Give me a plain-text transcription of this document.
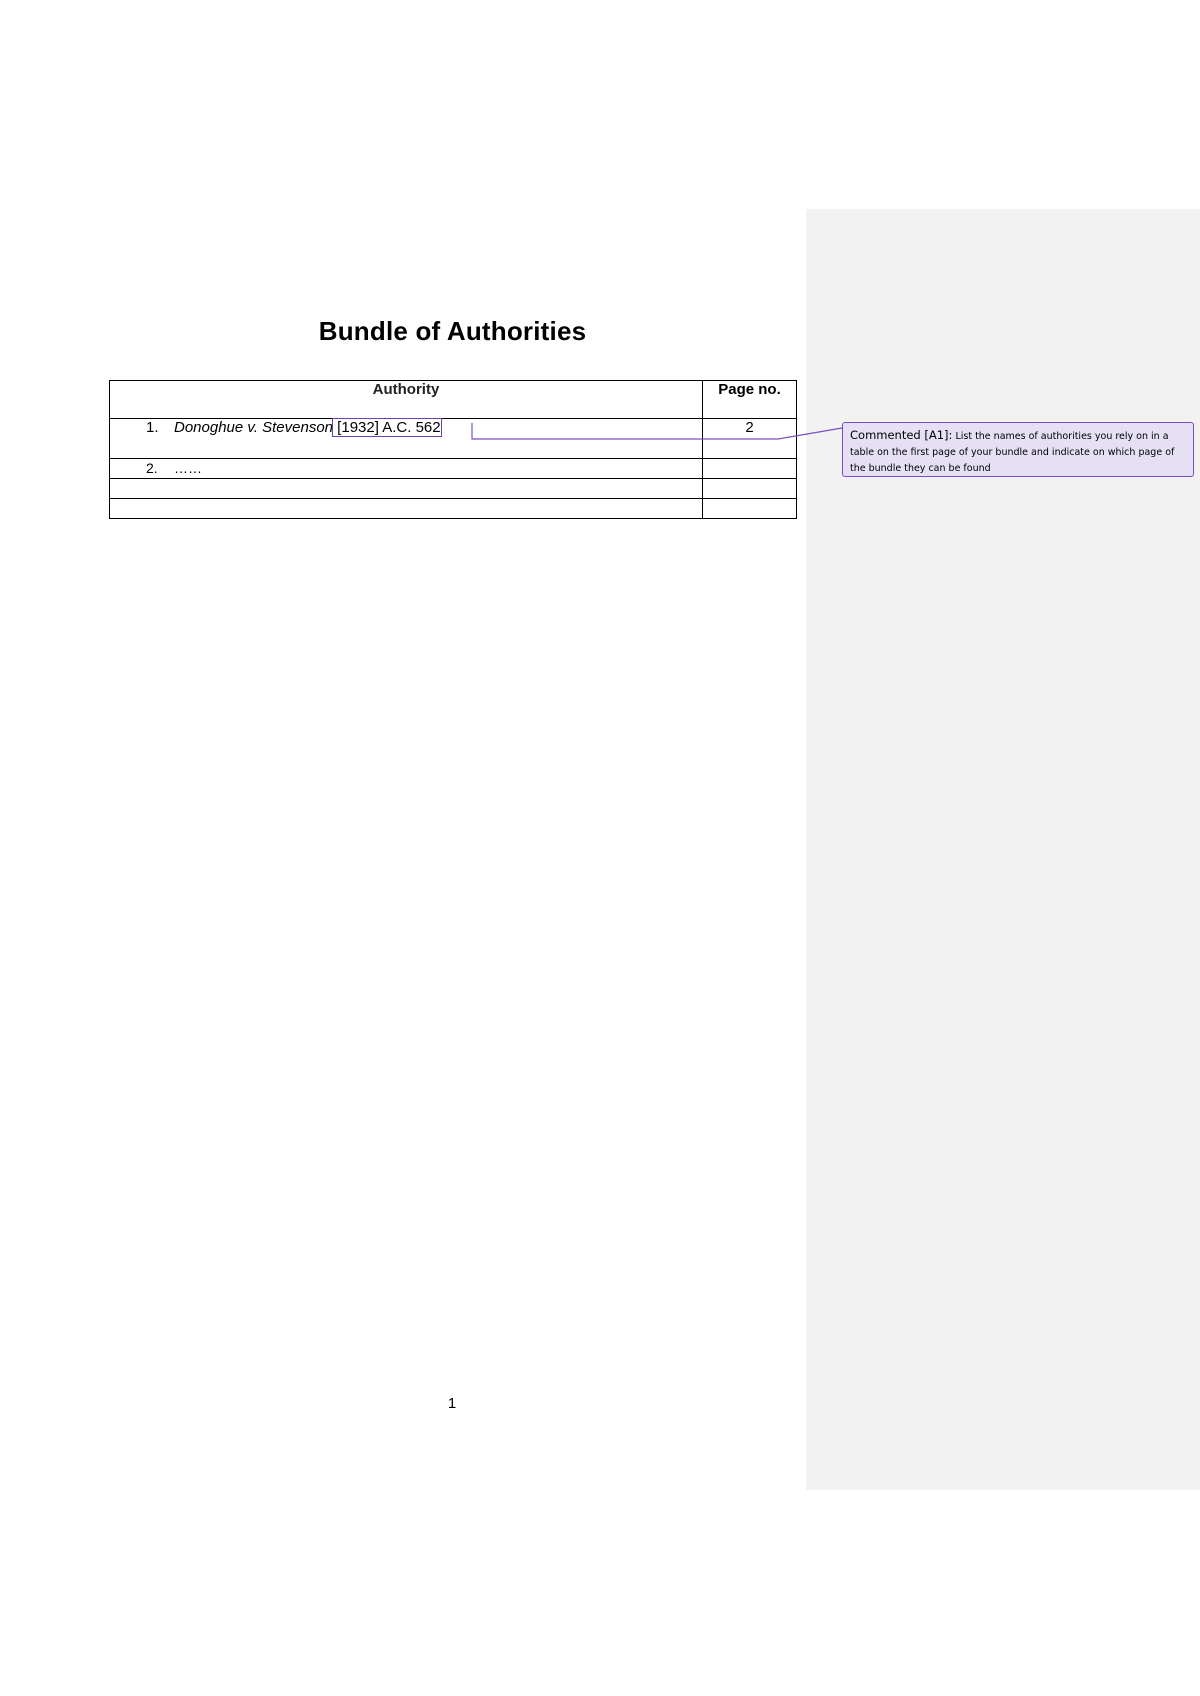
Bundle of Authorities
Authority	Page no.

1. Donoghue v. Stevenson [1932] A.C. 562	2

2. ……	

Commented [A1]: List the names of authorities you rely on in a table on the first page of your bundle and indicate on which page of the bundle they can be found
1
